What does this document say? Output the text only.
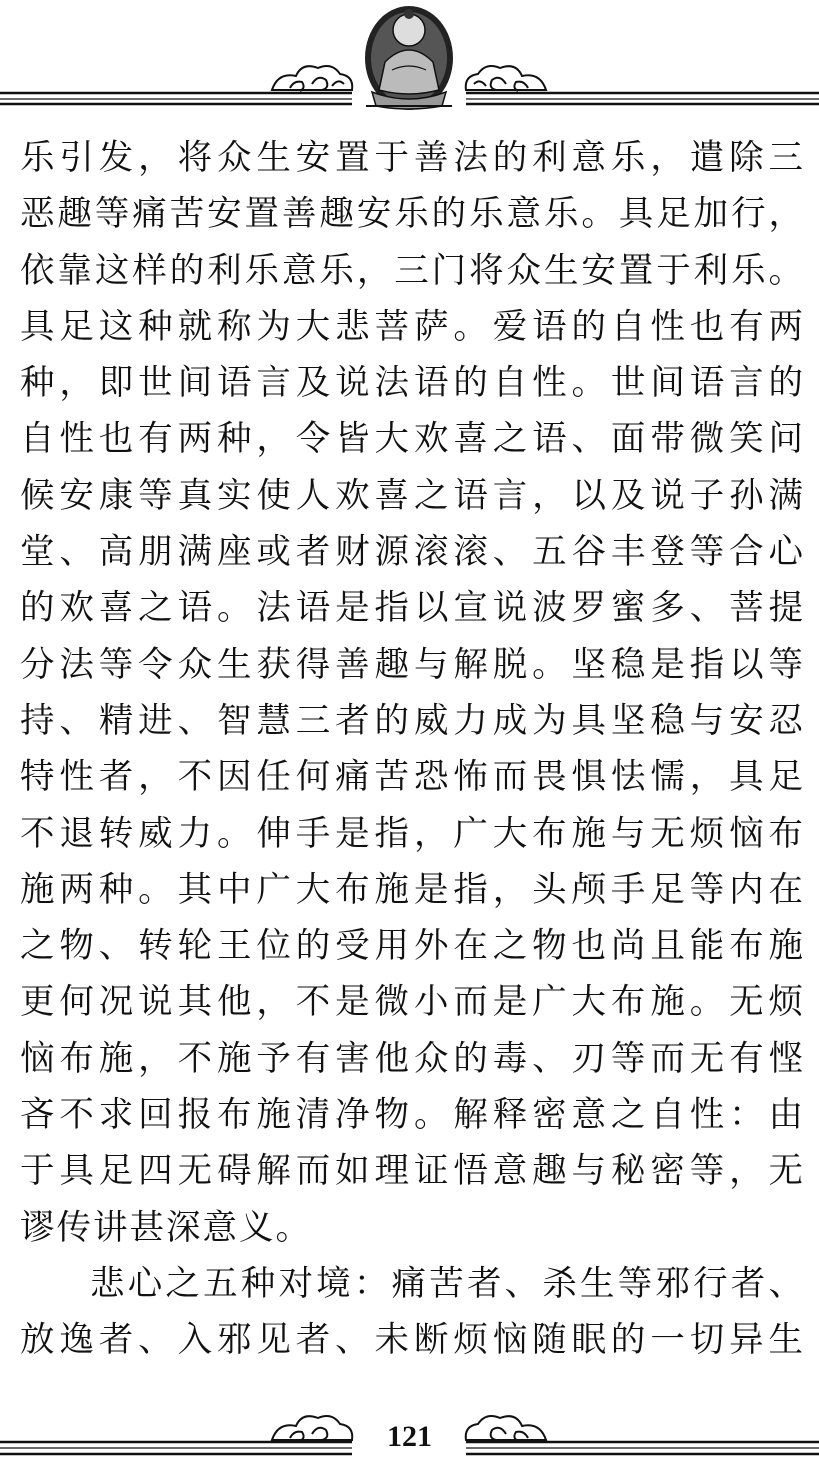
乐引发，将众生安置于善法的利意乐，遣除三
恶趣等痛苦安置善趣安乐的乐意乐。具足加行，
依靠这样的利乐意乐，三门将众生安置于利乐。
具足这种就称为大悲菩萨。爱语的自性也有两
种，即世间语言及说法语的自性。世间语言的
自性也有两种，令皆大欢喜之语、面带微笑问
候安康等真实使人欢喜之语言，以及说子孙满
堂、高朋满座或者财源滚滚、五谷丰登等合心
的欢喜之语。法语是指以宣说波罗蜜多、菩提
分法等令众生获得善趣与解脱。坚稳是指以等
持、精进、智慧三者的威力成为具坚稳与安忍
特性者，不因任何痛苦恐怖而畏惧怯懦，具足
不退转威力。伸手是指，广大布施与无烦恼布
施两种。其中广大布施是指，头颅手足等内在
之物、转轮王位的受用外在之物也尚且能布施
更何况说其他，不是微小而是广大布施。无烦
恼布施，不施予有害他众的毒、刃等而无有悭
吝不求回报布施清净物。解释密意之自性：由
于具足四无碍解而如理证悟意趣与秘密等，无
谬传讲甚深意义。
悲心之五种对境：痛苦者、杀生等邪行者、
放逸者、入邪见者、未断烦恼随眠的一切异生
121
